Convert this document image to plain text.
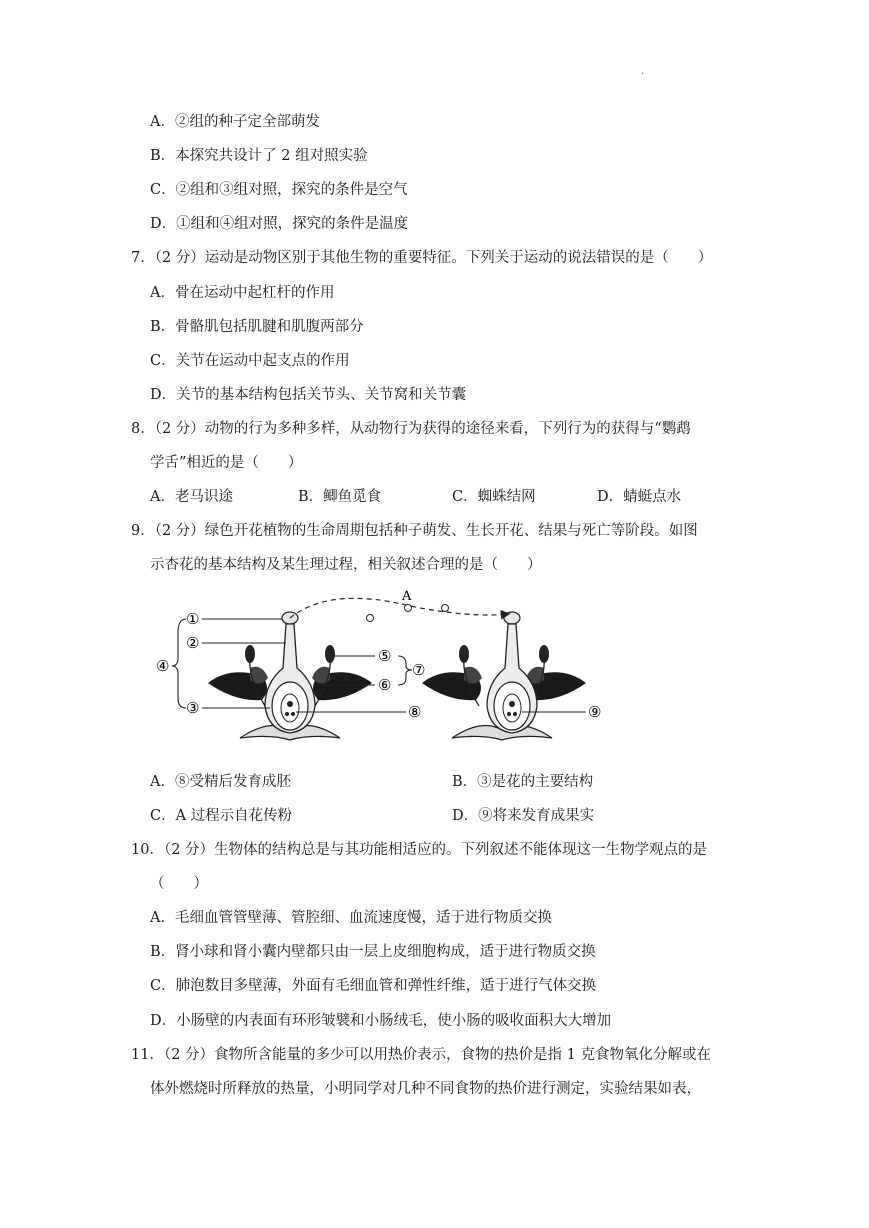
.
A．②组的种子定全部萌发
B．本探究共设计了 2 组对照实验
C．②组和③组对照，探究的条件是空气
D．①组和④组对照，探究的条件是温度
7．（2 分）运动是动物区别于其他生物的重要特征。下列关于运动的说法错误的是（　　）
A．骨在运动中起杠杆的作用
B．骨骼肌包括肌腱和肌腹两部分
C．关节在运动中起支点的作用
D．关节的基本结构包括关节头、关节窝和关节囊
8．（2 分）动物的行为多种多样，从动物行为获得的途径来看，下列行为的获得与“鹦鹉
学舌”相近的是（　　）
A．老马识途	B．鲫鱼觅食	C．蜘蛛结网	D．蜻蜓点水
9．（2 分）绿色开花植物的生命周期包括种子萌发、生长开花、结果与死亡等阶段。如图
示杏花的基本结构及某生理过程，相关叙述合理的是（　　）
A
①
②
③
④
⑤
⑥
⑦
⑧	⑨
A．⑧受精后发育成胚	B．③是花的主要结构
C．A 过程示自花传粉	D．⑨将来发育成果实
10．（2 分）生物体的结构总是与其功能相适应的。下列叙述不能体现这一生物学观点的是
（　　）
A．毛细血管管壁薄、管腔细、血流速度慢，适于进行物质交换
B．肾小球和肾小囊内壁都只由一层上皮细胞构成，适于进行物质交换
C．肺泡数目多壁薄，外面有毛细血管和弹性纤维，适于进行气体交换
D．小肠壁的内表面有环形皱襞和小肠绒毛，使小肠的吸收面积大大增加
11．（2 分）食物所含能量的多少可以用热价表示，食物的热价是指 1 克食物氧化分解或在
体外燃烧时所释放的热量，小明同学对几种不同食物的热价进行测定，实验结果如表，
